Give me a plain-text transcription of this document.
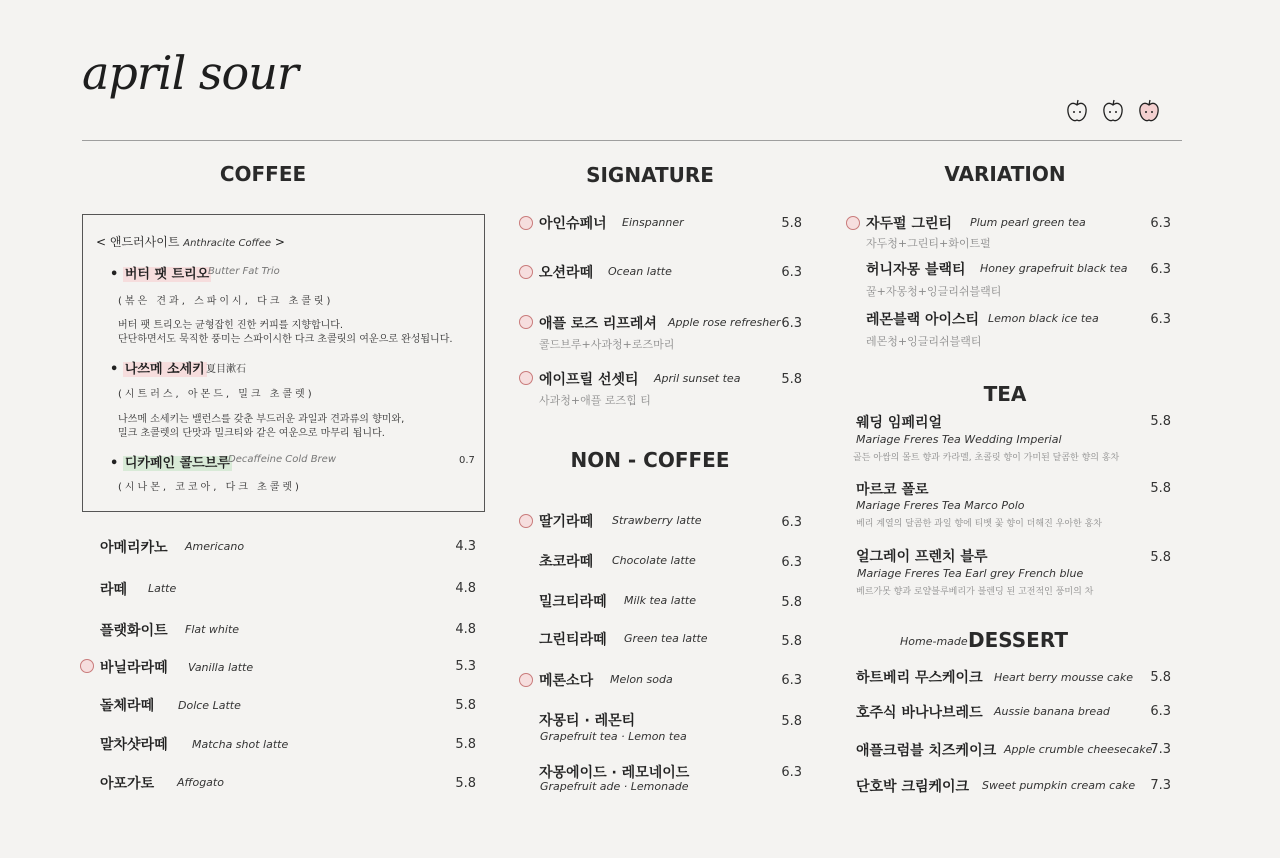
april sour
COFFEE	SIGNATURE	VARIATION
NON - COFFEE
TEA
Home-made DESSERT
< 앤드러사이트 Anthracite Coffee >
• 버터 팻 트리오
Butter Fat Trio
(볶은 견과, 스파이시, 다크 초콜릿)
버터 팻 트리오는 균형잡힌 진한 커피를 지향합니다.
단단하면서도 묵직한 풍미는 스파이시한 다크 초콜릿의 여운으로 완성됩니다.
• 나쓰메 소세키 夏目漱石
(시트러스, 아몬드, 밀크 초콜렛)
나쓰메 소세키는 밸런스를 갖춘 부드러운 과일과 견과류의 향미와,
밀크 초콜렛의 단맛과 밀크티와 같은 여운으로 마무리 됩니다.
• 디카페인 콜드브루
Decaffeine Cold Brew	0.7
(시나몬, 코코아, 다크 초콜렛)
아메리카노 Americano	4.3
라떼 Latte	4.8
플랫화이트 Flat white	4.8
바닐라라떼 Vanilla latte	5.3
돌체라떼 Dolce Latte	5.8
말차샷라떼 Matcha shot latte	5.8
아포가토 Affogato	5.8
아인슈페너 Einspanner	5.8
오션라떼 Ocean latte	6.3
애플 로즈 리프레셔 Apple rose refresher 6.3
콜드브루+사과청+로즈마리
에이프릴 선셋티 April sunset tea	5.8
사과청+애플 로즈힙 티
딸기라떼 Strawberry latte	6.3
초코라떼 Chocolate latte	6.3
밀크티라떼 Milk tea latte	5.8
그린티라떼 Green tea latte	5.8
메론소다 Melon soda	6.3
자몽티 · 레몬티
Grapefruit tea · Lemon tea
5.8
자몽에이드 · 레모네이드
Grapefruit ade · Lemonade
6.3
자두펄 그린티 Plum pearl green tea	6.3
자두청+그린티+화이트펄
허니자몽 블랙티 Honey grapefruit black tea	6.3
꿀+자몽청+잉글리쉬블랙티
레몬블랙 아이스티 Lemon black ice tea	6.3
레몬청+잉글리쉬블랙티
웨딩 임페리얼	5.8
Mariage Freres Tea Wedding Imperial
골든 아쌈의 몰트 향과 카라멜, 초콜릿 향이 가미된 달콤한 향의 홍차
마르코 폴로	5.8
Mariage Freres Tea Marco Polo
베리 계열의 달콤한 과일 향에 티벳 꽃 향이 더해진 우아한 홍차
얼그레이 프렌치 블루	5.8
Mariage Freres Tea Earl grey French blue
베르가못 향과 로얄블루베리가 블렌딩 된 고전적인 풍미의 차
하트베리 무스케이크 Heart berry mousse cake	5.8
호주식 바나나브레드 Aussie banana bread	6.3
애플크럼블 치즈케이크 Apple crumble cheesecake
7.3
단호박 크림케이크 Sweet pumpkin cream cake	7.3
